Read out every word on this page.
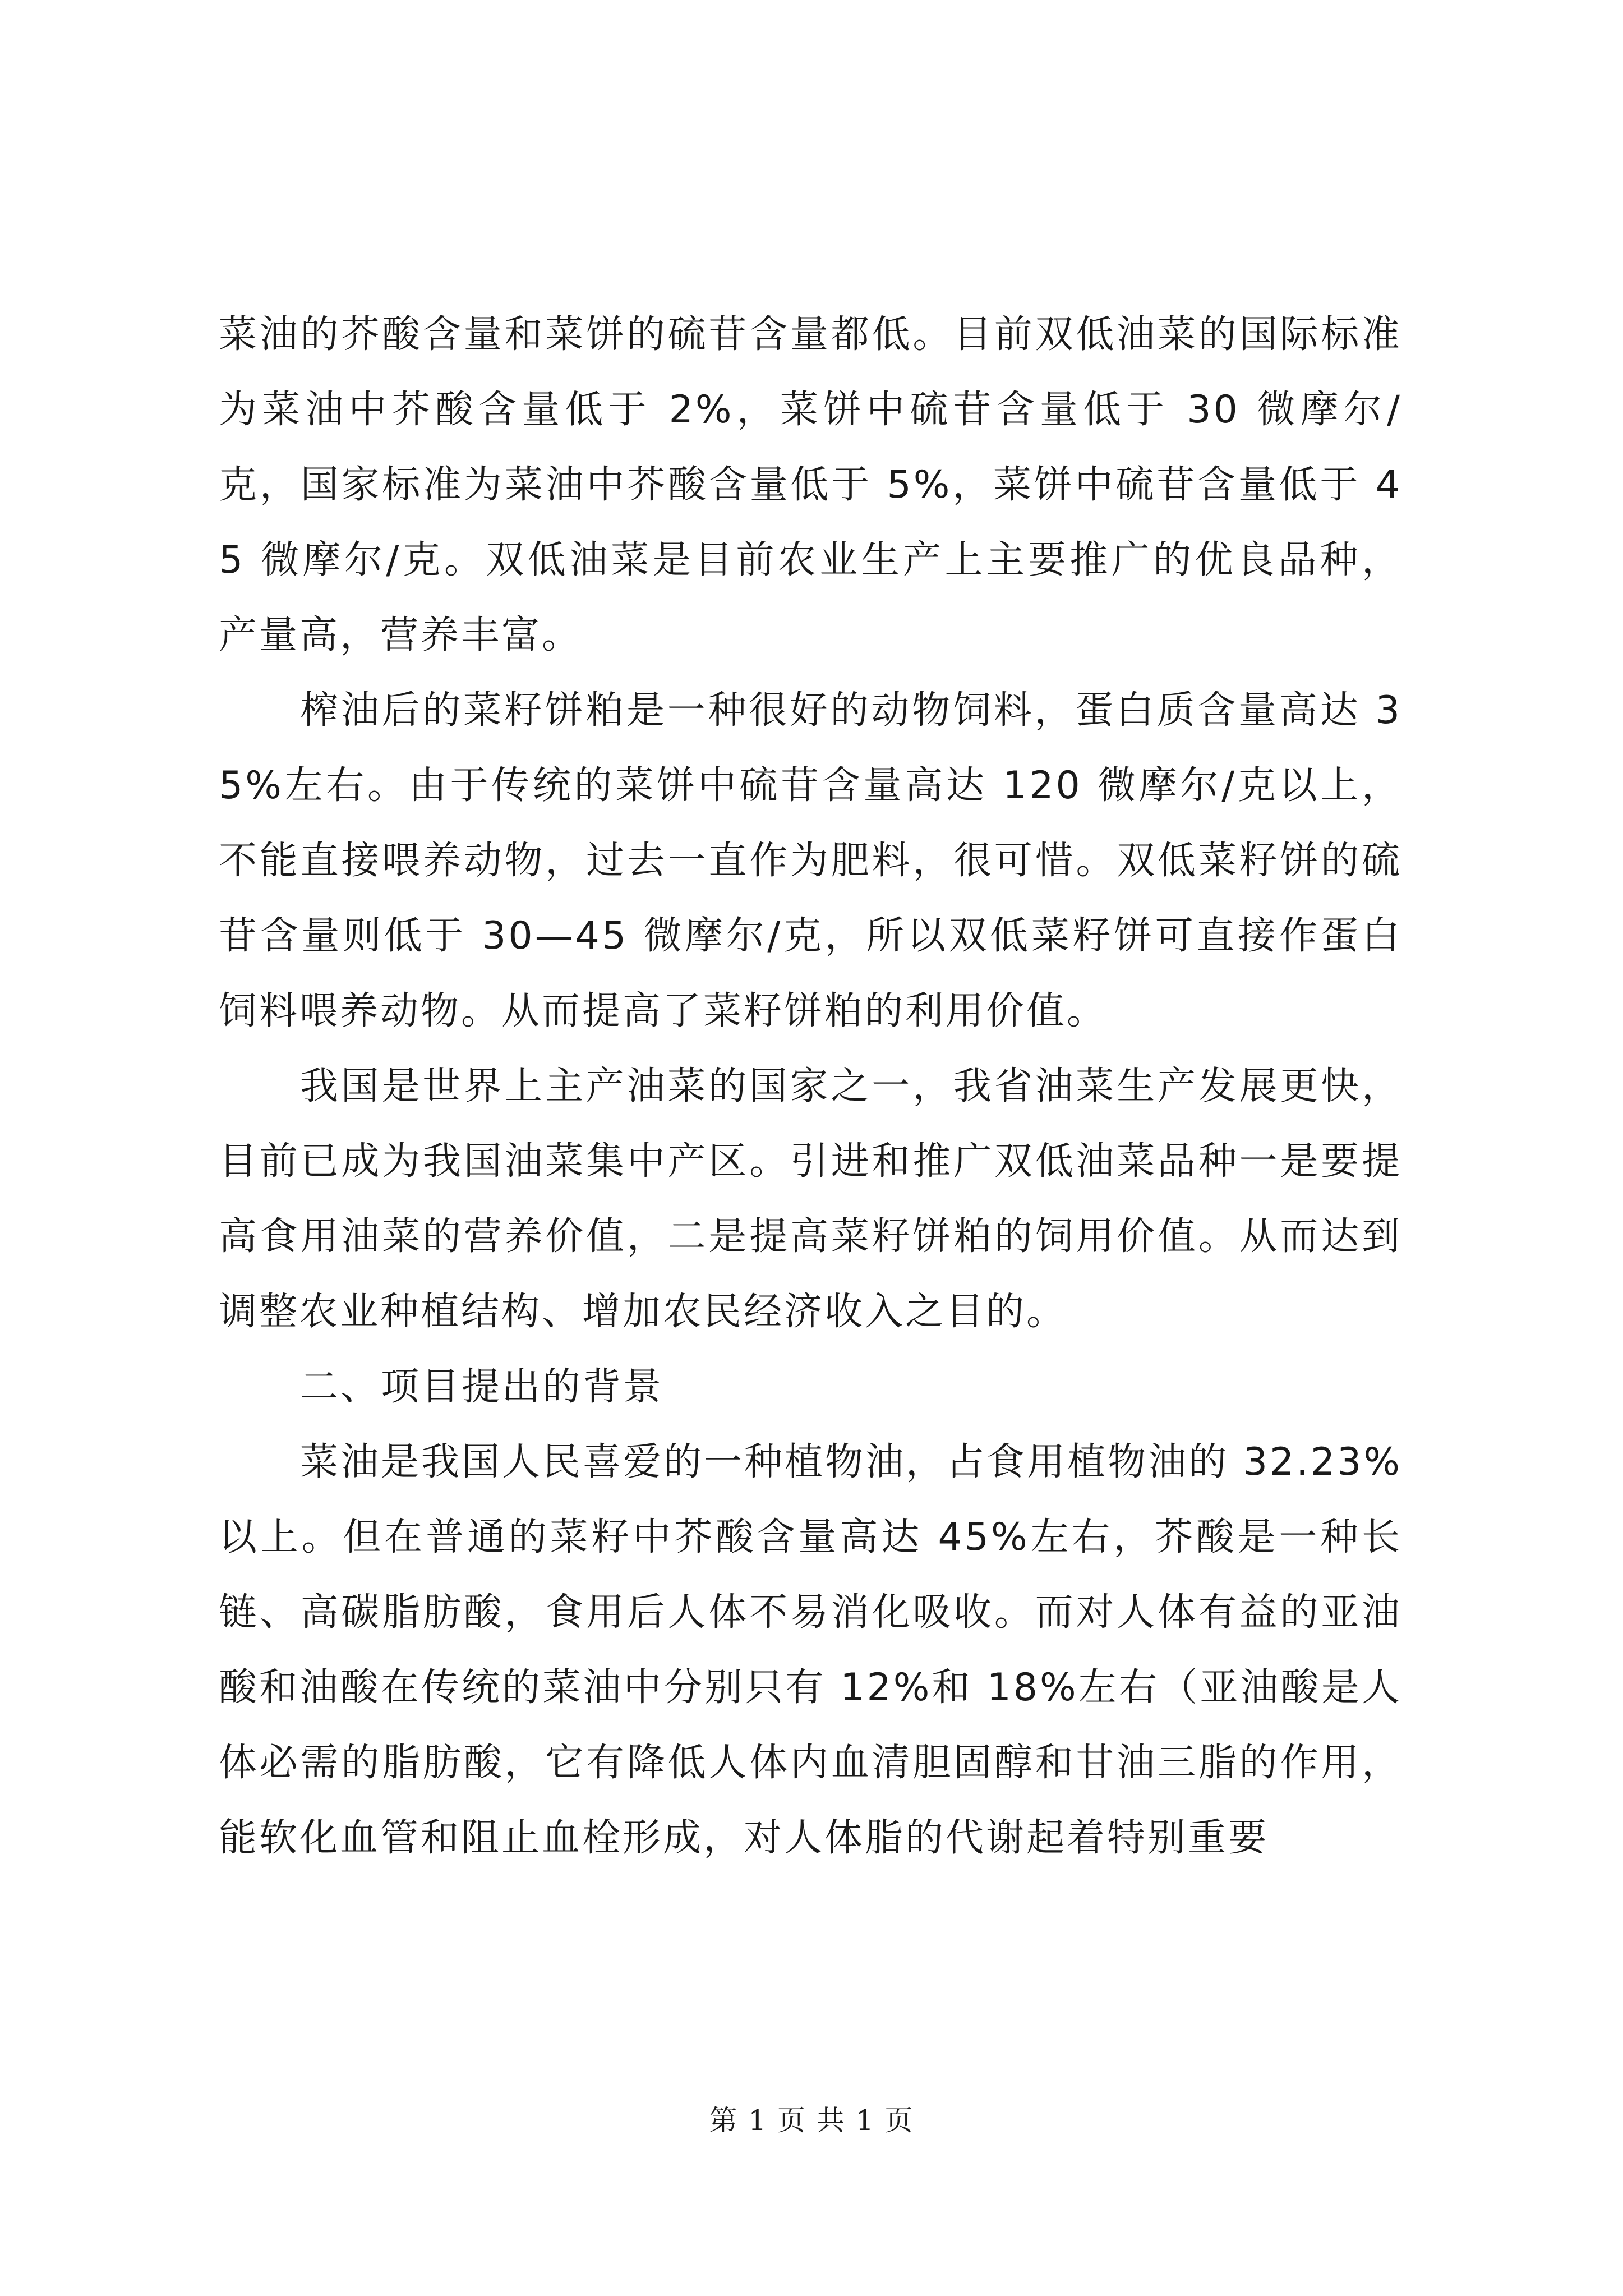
菜油的芥酸含量和菜饼的硫苷含量都低。目前双低油菜的国际标准为菜油中芥酸含量低于 2%，菜饼中硫苷含量低于 30 微摩尔/克，国家标准为菜油中芥酸含量低于 5%，菜饼中硫苷含量低于 45 微摩尔/克。双低油菜是目前农业生产上主要推广的优良品种，产量高，营养丰富。

榨油后的菜籽饼粕是一种很好的动物饲料，蛋白质含量高达 35%左右。由于传统的菜饼中硫苷含量高达 120 微摩尔/克以上，不能直接喂养动物，过去一直作为肥料，很可惜。双低菜籽饼的硫苷含量则低于 30—45 微摩尔/克，所以双低菜籽饼可直接作蛋白饲料喂养动物。从而提高了菜籽饼粕的利用价值。

我国是世界上主产油菜的国家之一，我省油菜生产发展更快，目前已成为我国油菜集中产区。引进和推广双低油菜品种一是要提高食用油菜的营养价值，二是提高菜籽饼粕的饲用价值。从而达到调整农业种植结构、增加农民经济收入之目的。

二、项目提出的背景

菜油是我国人民喜爱的一种植物油，占食用植物油的 32.23%以上。但在普通的菜籽中芥酸含量高达 45%左右，芥酸是一种长链、高碳脂肪酸，食用后人体不易消化吸收。而对人体有益的亚油酸和油酸在传统的菜油中分别只有 12%和 18%左右（亚油酸是人体必需的脂肪酸，它有降低人体内血清胆固醇和甘油三脂的作用，能软化血管和阻止血栓形成，对人体脂的代谢起着特别重要

第 1 页 共 1 页
